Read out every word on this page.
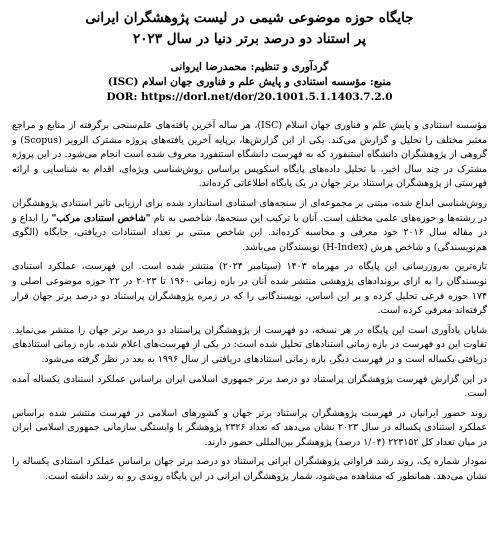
جایگاه حوزه موضوعی شیمی در لیست پژوهشگران ایرانی
پر استناد دو درصد برتر دنیا در سال ۲۰۲۳
گردآوری و تنظیم: محمدرضا ایروانی
منبع: مؤسسه استنادی و پایش علم و فناوری جهان اسلام (ISC)
DOR: https://dorl.net/dor/20.1001.5.1.1403.7.2.0

مؤسسه استنادی و پایش علم و فناوری جهان اسلام (ISC)، هر ساله آخرین یافته‌های علم‌سنجی برگرفته از منابع و مراجع معتبر مختلف را تحلیل و گزارش می‌کند. یکی از این گزارش‌ها، برپایه آخرین یافته‌های پروژه مشترک الزویر (Scopus) و گروهی از پژوهشگران دانشگاه استنفورد که به فهرست دانشگاه استنفورد معروف شده است انجام می‌شود. در این پروژه مشترک در چند سال اخیر، با تحلیل داده‌های پایگاه اسکوپس براساس روش‌شناسی ویژه‌ای، اقدام به شناسایی و ارائه فهرستی از پژوهشگران پراستناد برتر جهان در یک پایگاه اطلاعاتی کرده‌اند.

روش‌شناسی ابداع شده، مبتنی بر مجموعه‌ای از سنجه‌های استنادی استاندارد شده برای ارزیابی تاثیر استنادی پژوهشگران در رشته‌ها و حوزه‌های علمی مختلف است. آنان با ترکیب این سنجه‌ها، شاخصی به نام "شاخص استنادی مرکب" را ابداع و در مقاله سال ۲۰۱۶ خود معرفی و محاسبه کرده‌اند. این شاخص مبتنی بر تعداد استنادات دریافتی، جایگاه (الگوی هم‌نویسندگی) و شاخص هرش (H-Index) نویسندگان می‌باشد.

تازه‌ترین به‌روزرسانی این پایگاه در مهرماه ۱۴۰۳ (سپتامبر ۲۰۲۴) منتشر شده است. این فهرست، عملکرد استنادی نویسندگان را به ازای بروندادهای پژوهشی منتشر شده آنان در بازه زمانی ۱۹۶۰ تا ۲۰۲۳ در ۲۲ حوزه موضوعی اصلی و ۱۷۴ حوزه فرعی تحلیل کرده و بر این اساس، نویسندگانی را که در زمره پژوهشگران پراستناد دو درصد برتر جهان قرار گرفته‌اند معرفی کرده است.

شایان یادآوری است این پایگاه در هر نسخه، دو فهرست از پژوهشگران پراستناد دو درصد برتر جهان را منتشر می‌نماید. تفاوت این دو فهرست در بازه زمانی استنادهای تحلیل شده است: در یکی از فهرست‌های اعلام شده، بازه زمانی استنادهای دریافتی یکساله است و در فهرست دیگر، بازه زمانی استنادهای دریافتی از سال ۱۹۹۶ به بعد در نظر گرفته می‌شود.

در این گزارش فهرست پژوهشگران پراستناد دو درصد برتر جمهوری اسلامی ایران براساس عملکرد استنادی یکساله آمده است.

روند حضور ایرانیان در فهرست پژوهشگران پراستناد برتر جهان و کشورهای اسلامی در فهرست منتشر شده براساس عملکرد استنادی یکساله در سال ۲۰۲۳ نشان می‌دهد که تعداد ۲۳۲۶ پژوهشگر با وابستگی سازمانی جمهوری اسلامی ایران در میان تعداد کل ۲۲۳۱۵۲ (۱/۰۴ درصد) پژوهشگر بین‌المللی حضور دارند.

نمودار شماره یک، روند رشد فراوانی پژوهشگران ایرانی پراستناد دو درصد برتر جهان براساس عملکرد استنادی یکساله را نشان می‌دهد. همانطور که مشاهده می‌شود، شمار پژوهشگران ایرانی در این پایگاه روندی رو به رشد داشته است.
